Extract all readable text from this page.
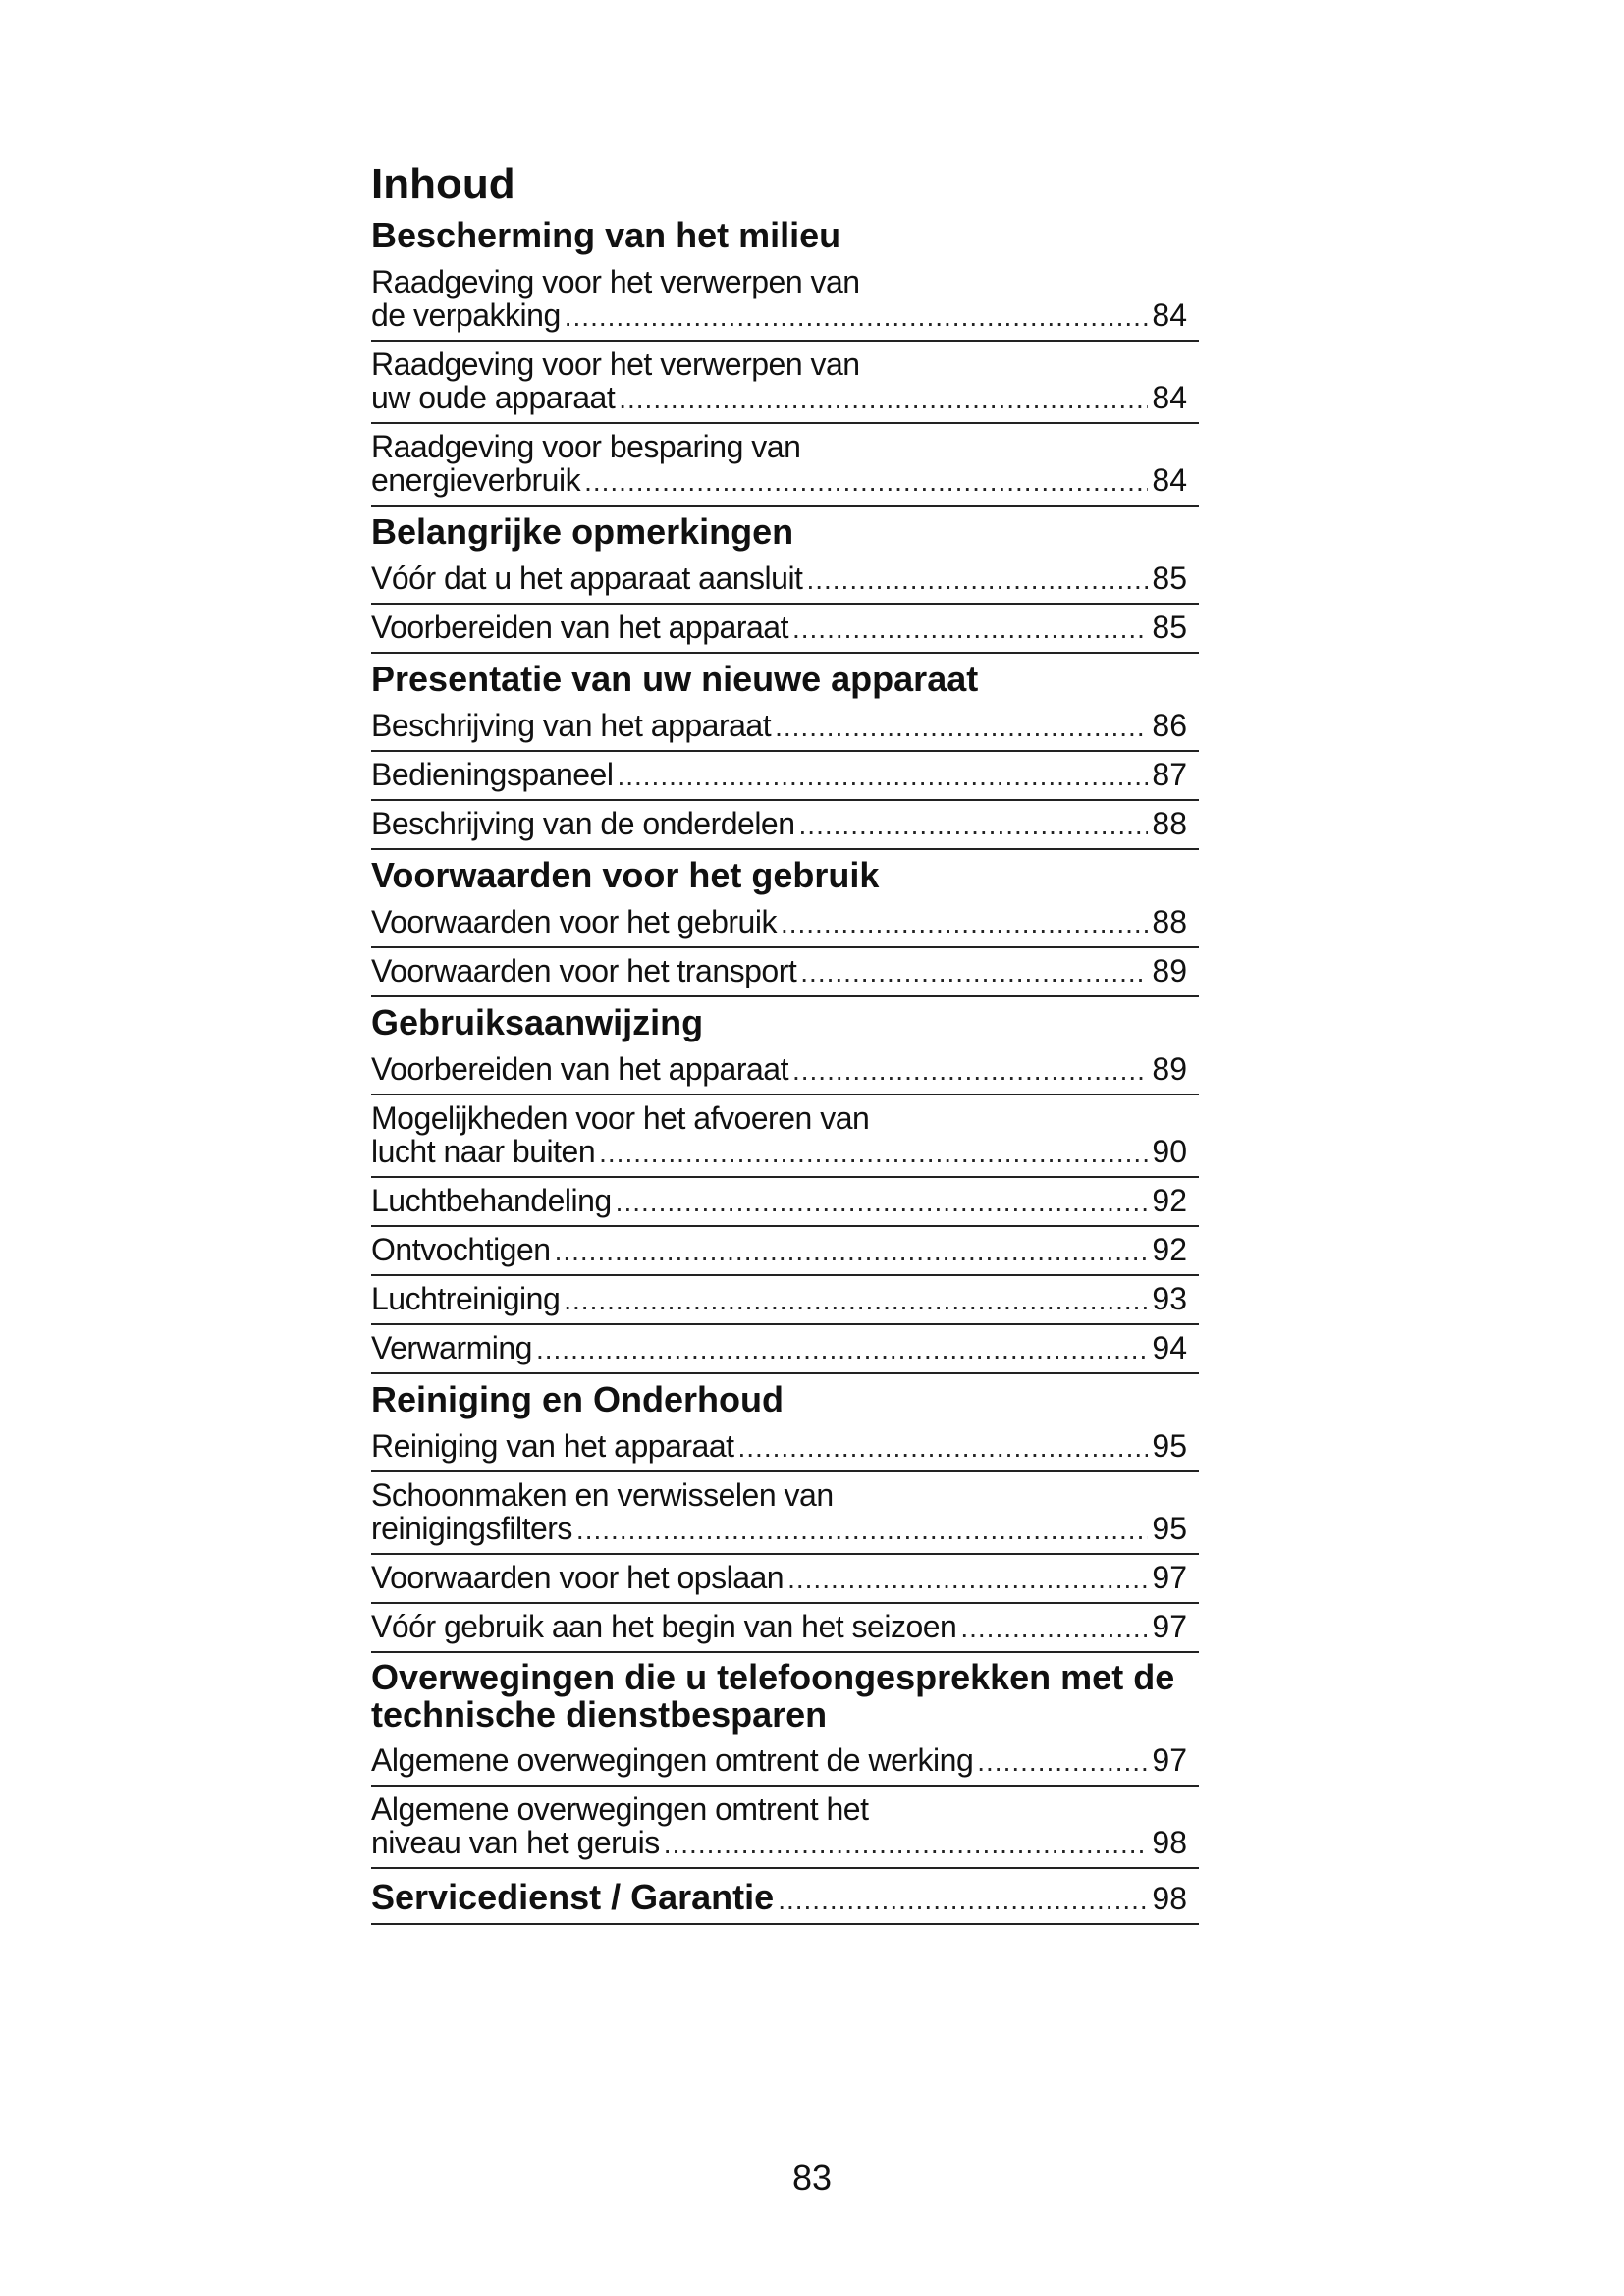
Inhoud
Bescherming van het milieu
Raadgeving voor het verwerpen van
de verpakking .....	84
Raadgeving voor het verwerpen van
uw oude apparaat .....	84
Raadgeving voor besparing van
energieverbruik .....	84
Belangrijke opmerkingen
Vóór dat u het apparaat aansluit .....	85
Voorbereiden van het apparaat .....	85
Presentatie van uw nieuwe apparaat
Beschrijving van het apparaat .....	86
Bedieningspaneel .....	87
Beschrijving van de onderdelen .....	88
Voorwaarden voor het gebruik
Voorwaarden voor het gebruik .....	88
Voorwaarden voor het transport .....	89
Gebruiksaanwijzing
Voorbereiden van het apparaat .....	89
Mogelijkheden voor het afvoeren van
lucht naar buiten .....	90
Luchtbehandeling .....	92
Ontvochtigen .....	92
Luchtreiniging .....	93
Verwarming .....	94
Reiniging en Onderhoud
Reiniging van het apparaat .....	95
Schoonmaken en verwisselen van
reinigingsfilters .....	95
Voorwaarden voor het opslaan .....	97
Vóór gebruik aan het begin van het seizoen .....	97
Overwegingen die u telefoongesprekken met de technische dienstbesparen
Algemene overwegingen omtrent de werking .....	97
Algemene overwegingen omtrent het
niveau van het geruis .....	98
Servicedienst / Garantie .....	98
83
